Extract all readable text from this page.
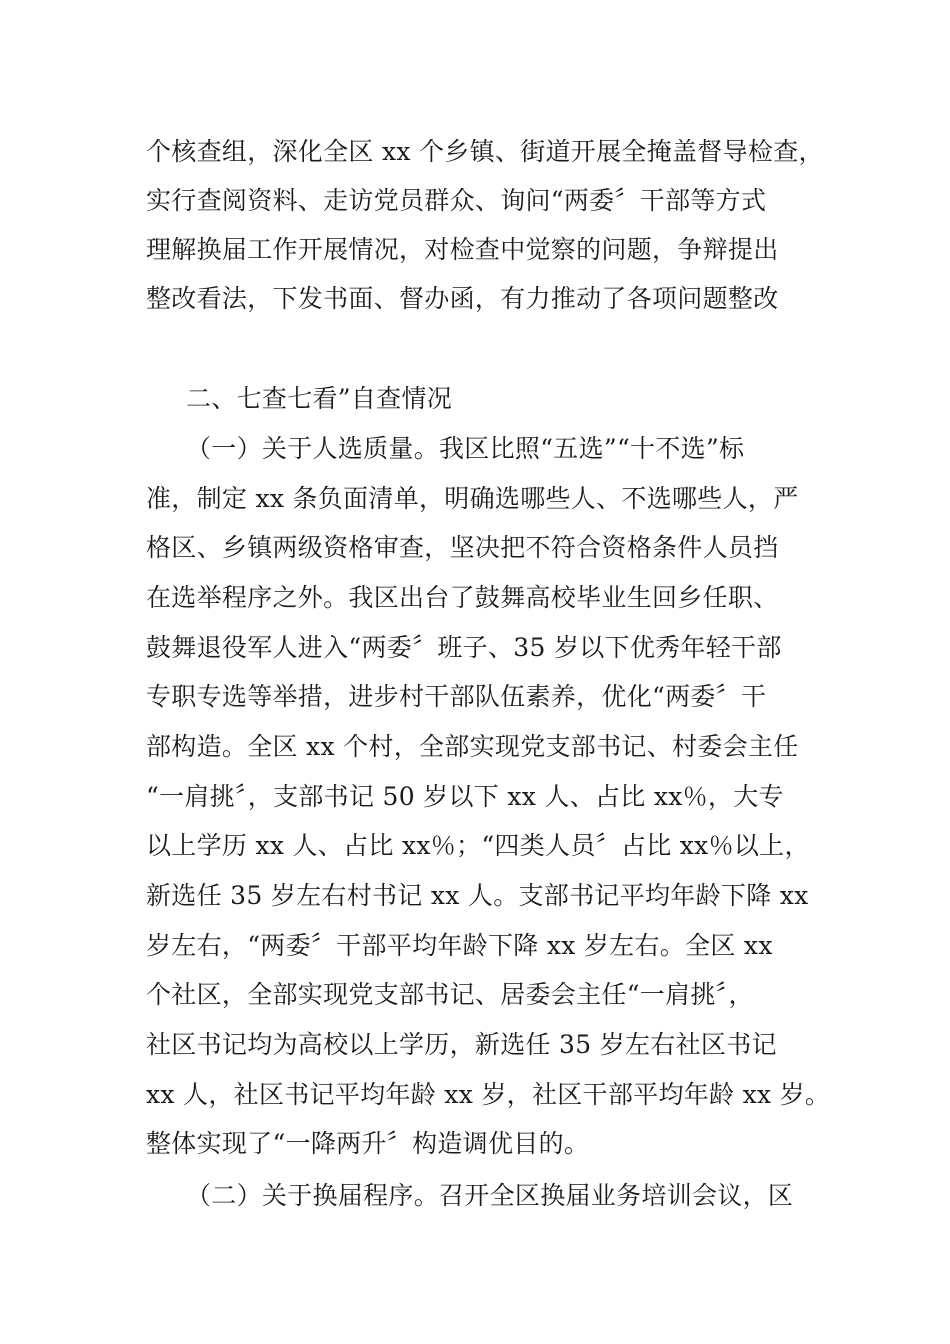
个核查组，深化全区 xx 个乡镇、街道开展全掩盖督导检查，
实行查阅资料、走访党员群众、询问“两委〞干部等方式
理解换届工作开展情况，对检查中觉察的问题，争辩提出
整改看法，下发书面、督办函，有力推动了各项问题整改
二、七查七看”自查情况
（一）关于人选质量。我区比照“五选”“十不选”标
准，制定 xx 条负面清单，明确选哪些人、不选哪些人，严
格区、乡镇两级资格审查，坚决把不符合资格条件人员挡
在选举程序之外。我区出台了鼓舞高校毕业生回乡任职、
鼓舞退役军人进入“两委〞班子、35 岁以下优秀年轻干部
专职专选等举措，进步村干部队伍素养，优化“两委〞干
部构造。全区 xx 个村，全部实现党支部书记、村委会主任
“一肩挑〞，支部书记 50 岁以下 xx 人、占比 xx％，大专
以上学历 xx 人、占比 xx％；“四类人员〞占比 xx％以上，
新选任 35 岁左右村书记 xx 人。支部书记平均年龄下降 xx
岁左右，“两委〞干部平均年龄下降 xx 岁左右。全区 xx
个社区，全部实现党支部书记、居委会主任“一肩挑〞，
社区书记均为高校以上学历，新选任 35 岁左右社区书记
xx 人，社区书记平均年龄 xx 岁，社区干部平均年龄 xx 岁。
整体实现了“一降两升〞构造调优目的。
（二）关于换届程序。召开全区换届业务培训会议，区
